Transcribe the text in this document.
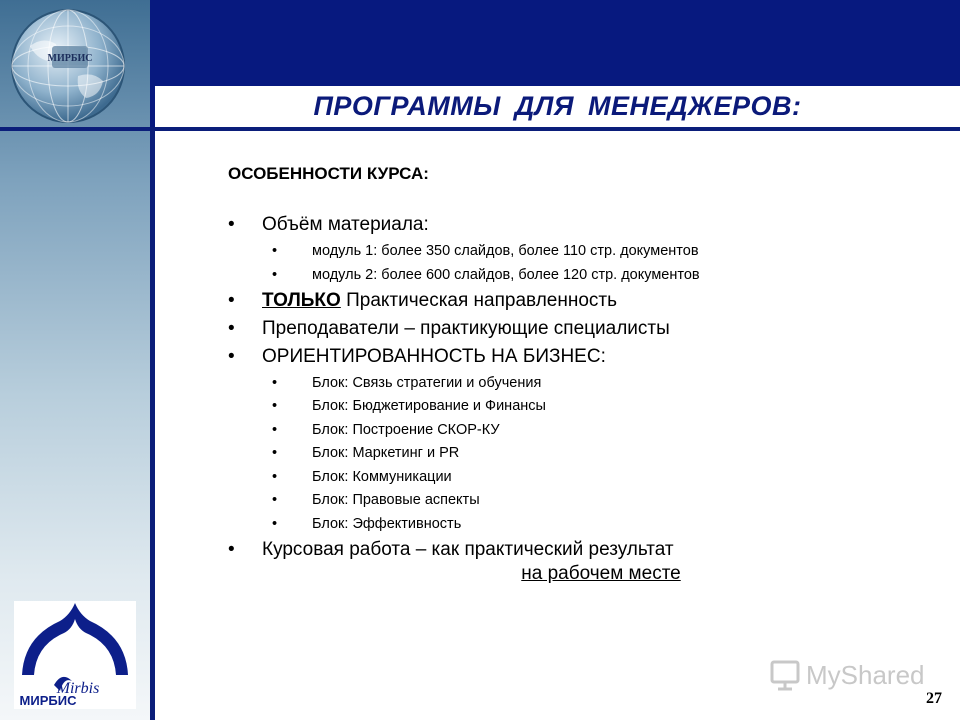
МИРБИС
ПРОГРАММЫ ДЛЯ МЕНЕДЖЕРОВ:
ОСОБЕННОСТИ КУРСА:
• Объём материала:
• модуль 1: более 350 слайдов, более 110 стр. документов
• модуль 2: более 600 слайдов, более 120 стр. документов
• ТОЛЬКО Практическая направленность
• Преподаватели – практикующие специалисты
• ОРИЕНТИРОВАННОСТЬ НА БИЗНЕС:
• Блок: Связь стратегии и обучения
• Блок: Бюджетирование и Финансы
• Блок: Построение СКОР-КУ
• Блок: Маркетинг и PR
• Блок: Коммуникации
• Блок: Правовые аспекты
• Блок: Эффективность
• Курсовая работа – как практический результат
на рабочем месте
Mirbis
МИРБИС
MyShared
27
